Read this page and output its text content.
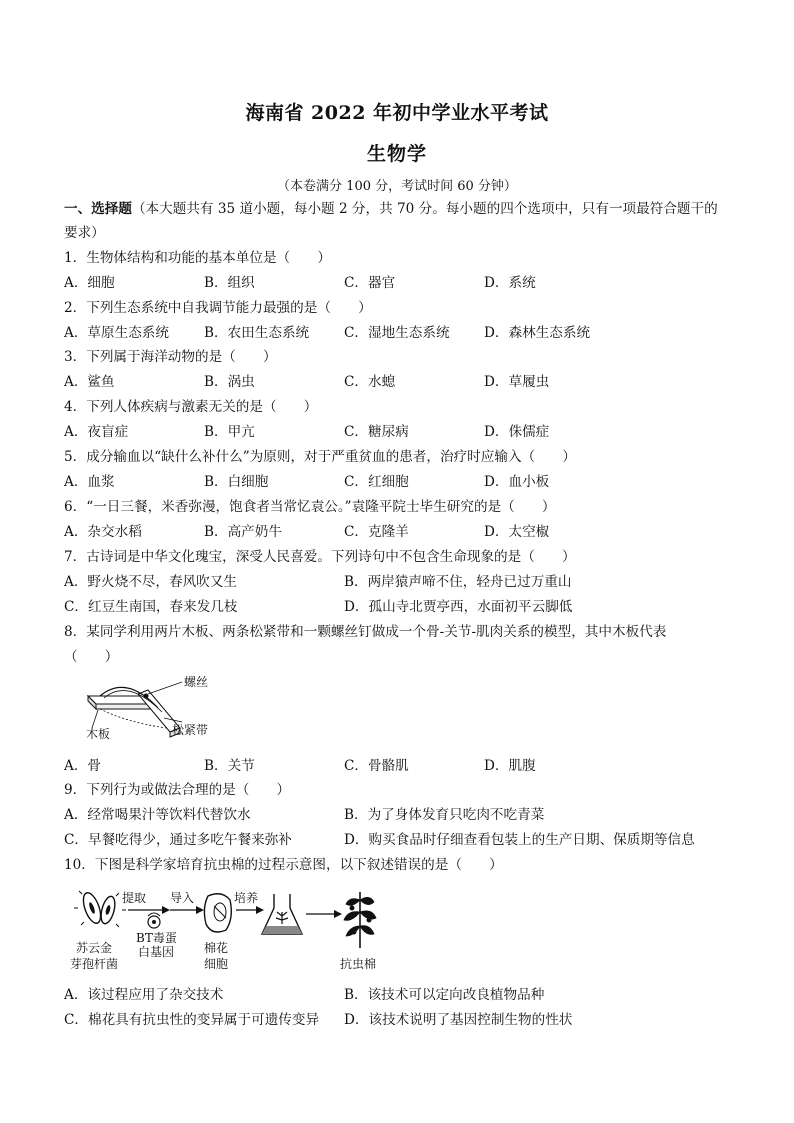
海南省 2022 年初中学业水平考试
生物学
（本卷满分 100 分，考试时间 60 分钟）
一、选择题（本大题共有 35 道小题，每小题 2 分，共 70 分。每小题的四个选项中，只有一项最符合题干的
要求）
1．生物体结构和功能的基本单位是（　　）
A．细胞	B．组织	C．器官	D．系统
2．下列生态系统中自我调节能力最强的是（　　）
A．草原生态系统	B．农田生态系统	C．湿地生态系统	D．森林生态系统
3．下列属于海洋动物的是（　　）
A．鲨鱼	B．涡虫	C．水螅	D．草履虫
4．下列人体疾病与激素无关的是（　　）
A．夜盲症	B．甲亢	C．糖尿病	D．侏儒症
5．成分输血以“缺什么补什么”为原则，对于严重贫血的患者，治疗时应输入（　　）
A．血浆	B．白细胞	C．红细胞	D．血小板
6．“一日三餐，米香弥漫，饱食者当常忆袁公。”袁隆平院士毕生研究的是（　　）
A．杂交水稻	B．高产奶牛	C．克隆羊	D．太空椒
7．古诗词是中华文化瑰宝，深受人民喜爱。下列诗句中不包含生命现象的是（　　）
A．野火烧不尽，春风吹又生	B．两岸猿声啼不住，轻舟已过万重山
C．红豆生南国，春来发几枝	D．孤山寺北贾亭西，水面初平云脚低
8．某同学利用两片木板、两条松紧带和一颗螺丝钉做成一个骨-关节-肌肉关系的模型，其中木板代表
（　　）
螺丝
松紧带
木板
A．骨	B．关节	C．骨骼肌	D．肌腹
9．下列行为或做法合理的是（　　）
A．经常喝果汁等饮料代替饮水	B．为了身体发育只吃肉不吃青菜
C．早餐吃得少，通过多吃午餐来弥补	D．购买食品时仔细查看包装上的生产日期、保质期等信息
10．下图是科学家培育抗虫棉的过程示意图，以下叙述错误的是（　　）
提取 导入	培养
苏云金
芽孢杆菌
BT毒蛋
白基因 棉花
细胞	抗虫棉
A．该过程应用了杂交技术	B．该技术可以定向改良植物品种
C．棉花具有抗虫性的变异属于可遗传变异 D．该技术说明了基因控制生物的性状
